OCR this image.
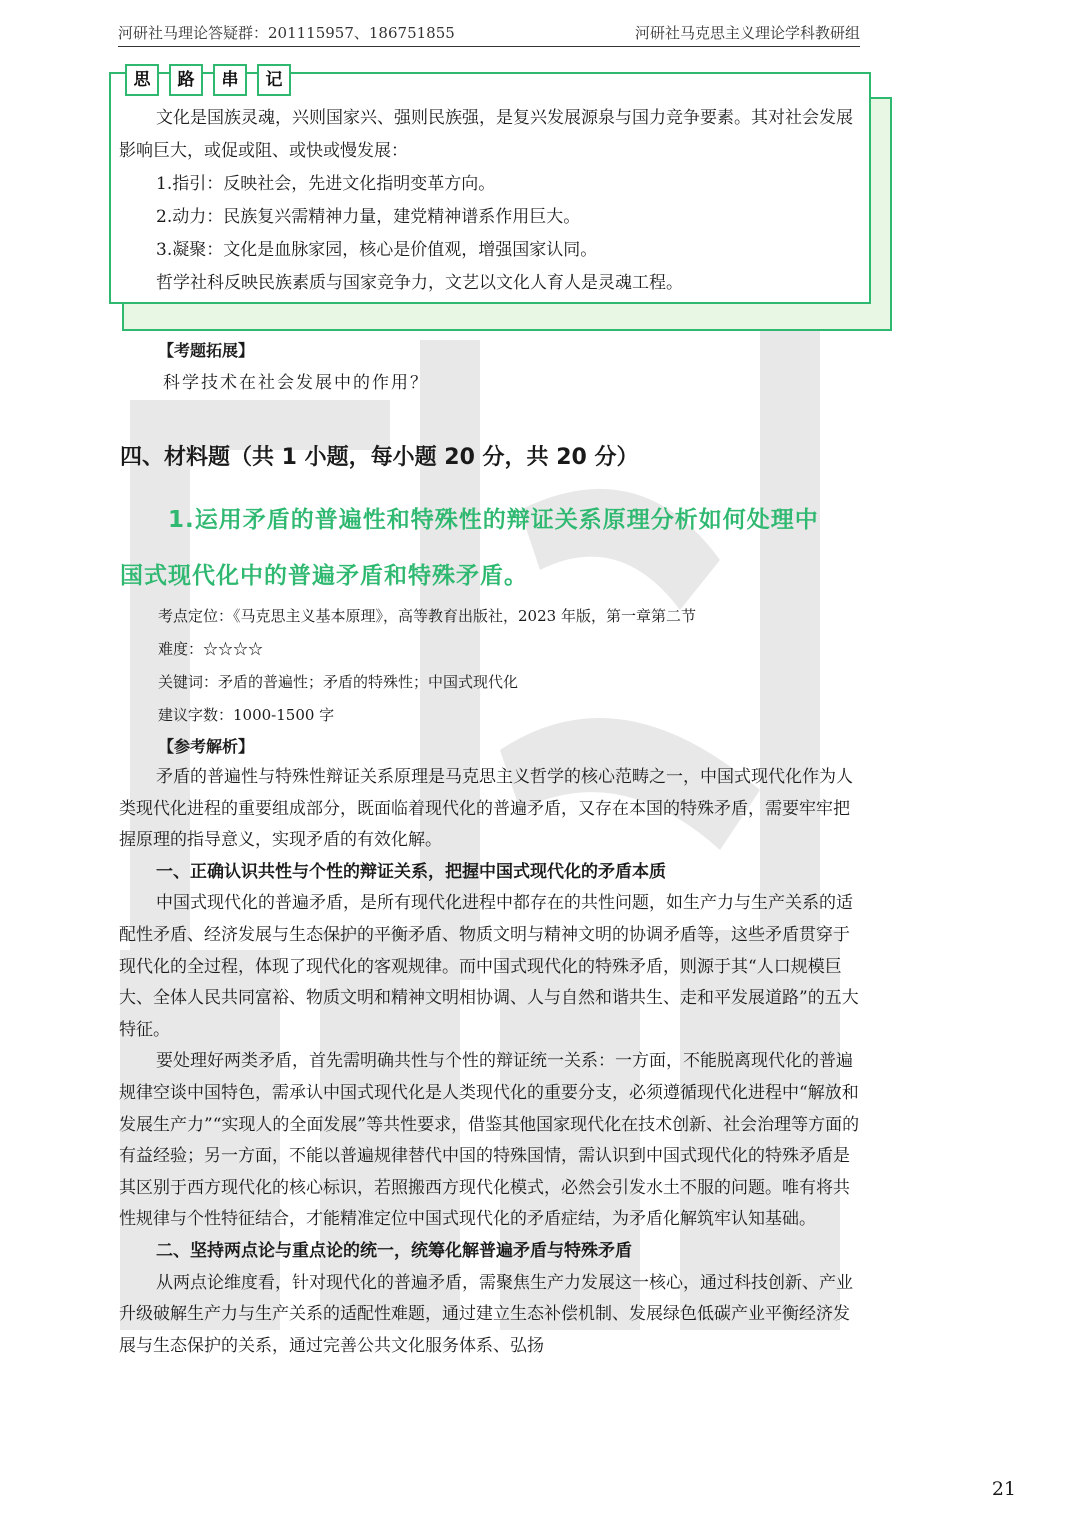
河研社马理论答疑群：201115957、186751855	河研社马克思主义理论学科教研组
思	路	串	记

文化是国族灵魂，兴则国家兴、强则民族强，是复兴发展源泉与国力竞争要素。其对社会发展影响巨大，或促或阻、或快或慢发展：

1.指引：反映社会，先进文化指明变革方向。

2.动力：民族复兴需精神力量，建党精神谱系作用巨大。

3.凝聚：文化是血脉家园，核心是价值观，增强国家认同。

哲学社科反映民族素质与国家竞争力，文艺以文化人育人是灵魂工程。

【考题拓展】
科学技术在社会发展中的作用？
四、材料题（共 1 小题，每小题 20 分，共 20 分）

1.运用矛盾的普遍性和特殊性的辩证关系原理分析如何处理中

国式现代化中的普遍矛盾和特殊矛盾。

考点定位：《马克思主义基本原理》，高等教育出版社，2023 年版，第一章第二节

难度：☆☆☆☆

关键词：矛盾的普遍性；矛盾的特殊性；中国式现代化

建议字数：1000-1500 字

【参考解析】

矛盾的普遍性与特殊性辩证关系原理是马克思主义哲学的核心范畴之一，中国式现代化作为人类现代化进程的重要组成部分，既面临着现代化的普遍矛盾，又存在本国的特殊矛盾，需要牢牢把握原理的指导意义，实现矛盾的有效化解。

一、正确认识共性与个性的辩证关系，把握中国式现代化的矛盾本质

中国式现代化的普遍矛盾，是所有现代化进程中都存在的共性问题，如生产力与生产关系的适配性矛盾、经济发展与生态保护的平衡矛盾、物质文明与精神文明的协调矛盾等，这些矛盾贯穿于现代化的全过程，体现了现代化的客观规律。而中国式现代化的特殊矛盾，则源于其“人口规模巨大、全体人民共同富裕、物质文明和精神文明相协调、人与自然和谐共生、走和平发展道路”的五大特征。

要处理好两类矛盾，首先需明确共性与个性的辩证统一关系：一方面，不能脱离现代化的普遍规律空谈中国特色，需承认中国式现代化是人类现代化的重要分支，必须遵循现代化进程中“解放和发展生产力”“实现人的全面发展”等共性要求，借鉴其他国家现代化在技术创新、社会治理等方面的有益经验；另一方面，不能以普遍规律替代中国的特殊国情，需认识到中国式现代化的特殊矛盾是其区别于西方现代化的核心标识，若照搬西方现代化模式，必然会引发水土不服的问题。唯有将共性规律与个性特征结合，才能精准定位中国式现代化的矛盾症结，为矛盾化解筑牢认知基础。

二、坚持两点论与重点论的统一，统筹化解普遍矛盾与特殊矛盾

从两点论维度看，针对现代化的普遍矛盾，需聚焦生产力发展这一核心，通过科技创新、产业升级破解生产力与生产关系的适配性难题，通过建立生态补偿机制、发展绿色低碳产业平衡经济发展与生态保护的关系，通过完善公共文化服务体系、弘扬

21
